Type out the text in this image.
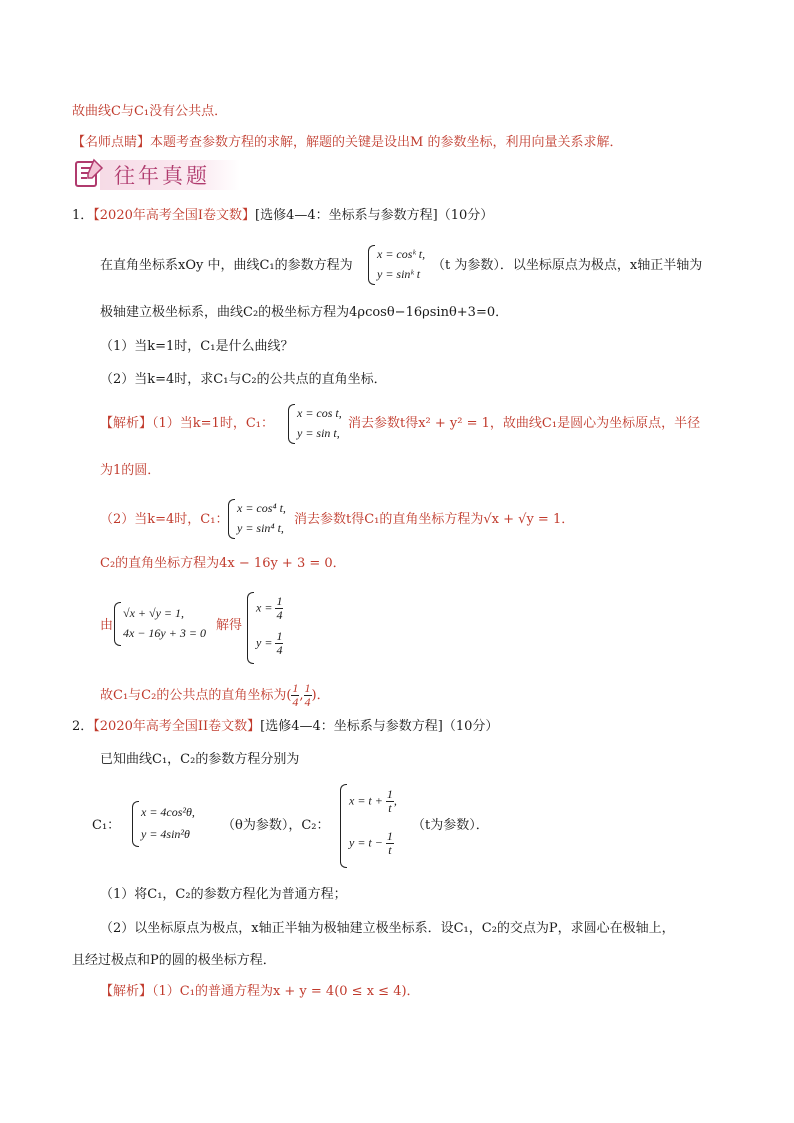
故曲线C与C₁没有公共点．
【名师点睛】本题考查参数方程的求解，解题的关键是设出M 的参数坐标，利用向量关系求解．
往年真题
1．【2020年高考全国Ⅰ卷文数】[选修4—4：坐标系与参数方程]（10分）
在直角坐标系xOy 中，曲线C₁的参数方程为
x = cosᵏ t,
y = sinᵏ t
（t 为参数）．以坐标原点为极点，x轴正半轴为
极轴建立极坐标系，曲线C₂的极坐标方程为4ρcosθ−16ρsinθ+3=0．
（1）当k=1时，C₁是什么曲线？
（2）当k=4时，求C₁与C₂的公共点的直角坐标．
【解析】（1）当k=1时，C₁：
x = cos t,
y = sin t,
消去参数t得x² + y² = 1，故曲线C₁是圆心为坐标原点，半径
为1的圆．
（2）当k=4时，C₁：
x = cos⁴ t,
y = sin⁴ t,
消去参数t得C₁的直角坐标方程为√x + √y = 1．
C₂的直角坐标方程为4x − 16y + 3 = 0．
由
√x + √y = 1,
4x − 16y + 3 = 0 解得
$x = \frac{1}{4}$
$y = \frac{1}{4}$
故C₁与C₂的公共点的直角坐标为( $\frac{1}{4}$ , $\frac{1}{4}$ )．
2．【2020年高考全国II卷文数】[选修4—4：坐标系与参数方程]（10分）
已知曲线C₁，C₂的参数方程分别为
C₁：
x = 4cos²θ,
y = 4sin²θ
（θ为参数），C₂：
$x = t + \frac{1}{t}$ ,
$y = t - \frac{1}{t}$
（t为参数）．
（1）将C₁，C₂的参数方程化为普通方程；
（2）以坐标原点为极点，x轴正半轴为极轴建立极坐标系．设C₁，C₂的交点为P，求圆心在极轴上，
且经过极点和P的圆的极坐标方程．
【解析】（1）C₁的普通方程为x + y = 4(0 ≤ x ≤ 4)．
